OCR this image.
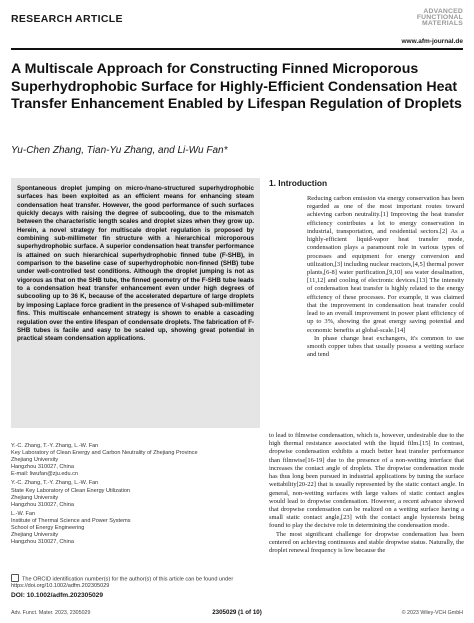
RESEARCH ARTICLE
ADVANCED
FUNCTIONAL
MATERIALS
www.afm-journal.de
A Multiscale Approach for Constructing Finned Microporous Superhydrophobic Surface for Highly-Efficient Condensation Heat Transfer Enhancement Enabled by Lifespan Regulation of Droplets
Yu-Chen Zhang, Tian-Yu Zhang, and Li-Wu Fan*
Spontaneous droplet jumping on micro-/nano-structured superhydrophobic surfaces has been exploited as an efficient means for enhancing steam condensation heat transfer. However, the good performance of such surfaces quickly decays with raising the degree of subcooling, due to the mismatch between the characteristic length scales and droplet sizes when they grow up. Herein, a novel strategy for multiscale droplet regulation is proposed by combining sub-millimeter fin structure with a hierarchical microporous superhydrophobic surface. A superior condensation heat transfer performance is attained on such hierarchical superhydrophobic finned tube (F-SHB), in comparison to the baseline case of superhydrophobic non-finned (SHB) tube under well-controlled test conditions. Although the droplet jumping is not as vigorous as that on the SHB tube, the finned geometry of the F-SHB tube leads to a condensation heat transfer enhancement even under high degrees of subcooling up to 36 K, because of the accelerated departure of large droplets by imposing Laplace force gradient in the presence of V-shaped sub-millimeter fins. This multiscale enhancement strategy is shown to enable a cascading regulation over the entire lifespan of condensate droplets. The fabrication of F-SHB tubes is facile and easy to be scaled up, showing great potential in practical steam condensation applications.
1. Introduction

Reducing carbon emission via energy conservation has been regarded as one of the most important routes toward achieving carbon neutrality.[1] Improving the heat transfer efficiency contributes a lot to energy conservation in industrial, transportation, and residential sectors.[2] As a highly-efficient liquid-vapor heat transfer mode, condensation plays a paramount role in various types of processes and equipment for energy conversion and utilization,[3] including nuclear reactors,[4,5] thermal power plants,[6-8] water purification,[9,10] sea water desalination,[11,12] and cooling of electronic devices.[13] The intensity of condensation heat transfer is highly related to the energy efficiency of these processes. For example, it was claimed that the improvement in condensation heat transfer could lead to an overall improvement in power plant efficiency of up to 3%, showing the great energy saving potential and economic benefits at global-scale.[14]

In phase change heat exchangers, it's common to use smooth copper tubes that usually possess a wetting surface and tend

to lead to filmwise condensation, which is, however, undesirable due to the high thermal resistance associated with the liquid film.[15] In contrast, dropwise condensation exhibits a much better heat transfer performance than filmwise[16-19] due to the presence of a non-wetting interface that increases the contact angle of droplets. The dropwise condensation mode has thus long been pursued in industrial applications by tuning the surface wettability[20-22] that is usually represented by the static contact angle. In general, non-wetting surfaces with large values of static contact angles would lead to dropwise condensation. However, a recent advance showed that dropwise condensation can be realized on a wetting surface having a small static contact angle,[23] with the contact angle hysteresis being found to play the decisive role in determining the condensation mode.

The most significant challenge for dropwise condensation has been centered on achieving continuous and stable dropwise status. Naturally, the droplet renewal frequency is low because the

Y.-C. Zhang, T.-Y. Zhang, L.-W. Fan
Key Laboratory of Clean Energy and Carbon Neutrality of Zhejiang Province
Zhejiang University
Hangzhou 310027, China
E-mail: liwufan@zju.edu.cn
Y.-C. Zhang, T.-Y. Zhang, L.-W. Fan
State Key Laboratory of Clean Energy Utilization
Zhejiang University
Hangzhou 310027, China
L.-W. Fan
Institute of Thermal Science and Power Systems
School of Energy Engineering
Zhejiang University
Hangzhou 310027, China
The ORCID identification number(s) for the author(s) of this article can be found under https://doi.org/10.1002/adfm.202305029
DOI: 10.1002/adfm.202305029
Adv. Funct. Mater. 2023, 2305029	2305029 (1 of 10)	© 2023 Wiley-VCH GmbH
